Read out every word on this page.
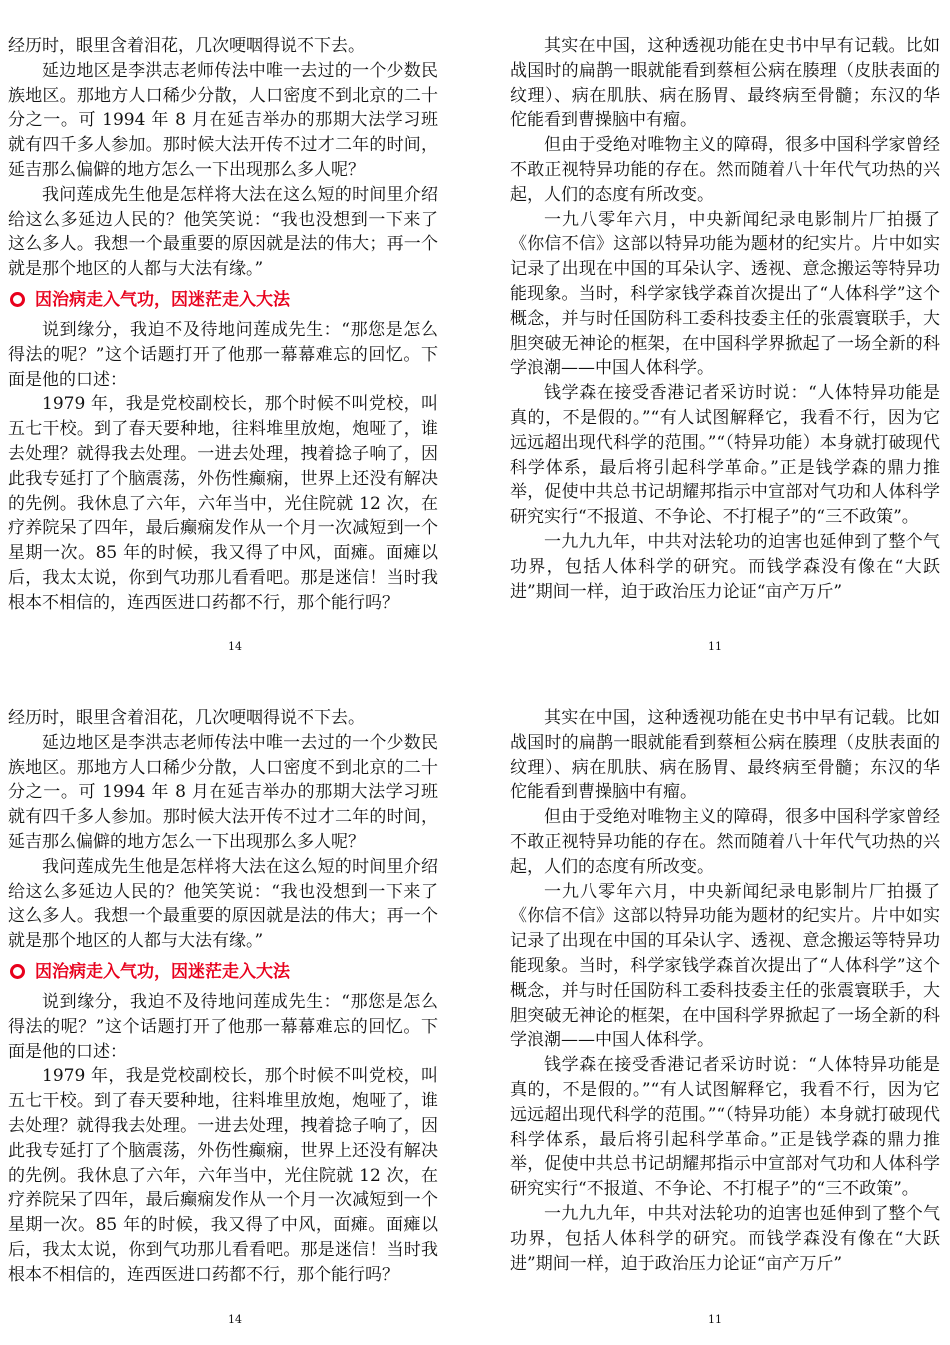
经历时，眼里含着泪花，几次哽咽得说不下去。

延边地区是李洪志老师传法中唯一去过的一个少数民族地区。那地方人口稀少分散，人口密度不到北京的二十分之一。可 1994 年 8 月在延吉举办的那期大法学习班就有四千多人参加。那时候大法开传不过才二年的时间，延吉那么偏僻的地方怎么一下出现那么多人呢？

我问莲成先生他是怎样将大法在这么短的时间里介绍给这么多延边人民的？他笑笑说：“我也没想到一下来了这么多人。我想一个最重要的原因就是法的伟大；再一个就是那个地区的人都与大法有缘。”

因治病走入气功，因迷茫走入大法

说到缘分，我迫不及待地问莲成先生：“那您是怎么得法的呢？”这个话题打开了他那一幕幕难忘的回忆。下面是他的口述：

1979 年，我是党校副校长，那个时候不叫党校，叫五七干校。到了春天要种地，往料堆里放炮，炮哑了，谁去处理？就得我去处理。一进去处理，拽着捻子响了，因此我专延打了个脑震荡，外伤性癫痫，世界上还没有解决的先例。我休息了六年，六年当中，光住院就 12 次，在疗养院呆了四年，最后癫痫发作从一个月一次减短到一个星期一次。85 年的时候，我又得了中风，面瘫。面瘫以后，我太太说，你到气功那儿看看吧。那是迷信！当时我根本不相信的，连西医进口药都不行，那个能行吗？

14

其实在中国，这种透视功能在史书中早有记载。比如战国时的扁鹊一眼就能看到蔡桓公病在腠理（皮肤表面的纹理）、病在肌肤、病在肠胃、最终病至骨髓；东汉的华佗能看到曹操脑中有瘤。

但由于受绝对唯物主义的障碍，很多中国科学家曾经不敢正视特异功能的存在。然而随着八十年代气功热的兴起，人们的态度有所改变。

一九八零年六月，中央新闻纪录电影制片厂拍摄了《你信不信》这部以特异功能为题材的纪实片。片中如实记录了出现在中国的耳朵认字、透视、意念搬运等特异功能现象。当时，科学家钱学森首次提出了“人体科学”这个概念，并与时任国防科工委科技委主任的张震寰联手，大胆突破无神论的框架，在中国科学界掀起了一场全新的科学浪潮——中国人体科学。

钱学森在接受香港记者采访时说：“人体特异功能是真的，不是假的。”“有人试图解释它，我看不行，因为它远远超出现代科学的范围。”“（特异功能）本身就打破现代科学体系，最后将引起科学革命。”正是钱学森的鼎力推举，促使中共总书记胡耀邦指示中宣部对气功和人体科学研究实行“不报道、不争论、不打棍子”的“三不政策”。

一九九九年，中共对法轮功的迫害也延伸到了整个气功界，包括人体科学的研究。而钱学森没有像在“大跃进”期间一样，迫于政治压力论证“亩产万斤”

11

经历时，眼里含着泪花，几次哽咽得说不下去。

延边地区是李洪志老师传法中唯一去过的一个少数民族地区。那地方人口稀少分散，人口密度不到北京的二十分之一。可 1994 年 8 月在延吉举办的那期大法学习班就有四千多人参加。那时候大法开传不过才二年的时间，延吉那么偏僻的地方怎么一下出现那么多人呢？

我问莲成先生他是怎样将大法在这么短的时间里介绍给这么多延边人民的？他笑笑说：“我也没想到一下来了这么多人。我想一个最重要的原因就是法的伟大；再一个就是那个地区的人都与大法有缘。”

因治病走入气功，因迷茫走入大法

说到缘分，我迫不及待地问莲成先生：“那您是怎么得法的呢？”这个话题打开了他那一幕幕难忘的回忆。下面是他的口述：

1979 年，我是党校副校长，那个时候不叫党校，叫五七干校。到了春天要种地，往料堆里放炮，炮哑了，谁去处理？就得我去处理。一进去处理，拽着捻子响了，因此我专延打了个脑震荡，外伤性癫痫，世界上还没有解决的先例。我休息了六年，六年当中，光住院就 12 次，在疗养院呆了四年，最后癫痫发作从一个月一次减短到一个星期一次。85 年的时候，我又得了中风，面瘫。面瘫以后，我太太说，你到气功那儿看看吧。那是迷信！当时我根本不相信的，连西医进口药都不行，那个能行吗？

14

其实在中国，这种透视功能在史书中早有记载。比如战国时的扁鹊一眼就能看到蔡桓公病在腠理（皮肤表面的纹理）、病在肌肤、病在肠胃、最终病至骨髓；东汉的华佗能看到曹操脑中有瘤。

但由于受绝对唯物主义的障碍，很多中国科学家曾经不敢正视特异功能的存在。然而随着八十年代气功热的兴起，人们的态度有所改变。

一九八零年六月，中央新闻纪录电影制片厂拍摄了《你信不信》这部以特异功能为题材的纪实片。片中如实记录了出现在中国的耳朵认字、透视、意念搬运等特异功能现象。当时，科学家钱学森首次提出了“人体科学”这个概念，并与时任国防科工委科技委主任的张震寰联手，大胆突破无神论的框架，在中国科学界掀起了一场全新的科学浪潮——中国人体科学。

钱学森在接受香港记者采访时说：“人体特异功能是真的，不是假的。”“有人试图解释它，我看不行，因为它远远超出现代科学的范围。”“（特异功能）本身就打破现代科学体系，最后将引起科学革命。”正是钱学森的鼎力推举，促使中共总书记胡耀邦指示中宣部对气功和人体科学研究实行“不报道、不争论、不打棍子”的“三不政策”。

一九九九年，中共对法轮功的迫害也延伸到了整个气功界，包括人体科学的研究。而钱学森没有像在“大跃进”期间一样，迫于政治压力论证“亩产万斤”

11
